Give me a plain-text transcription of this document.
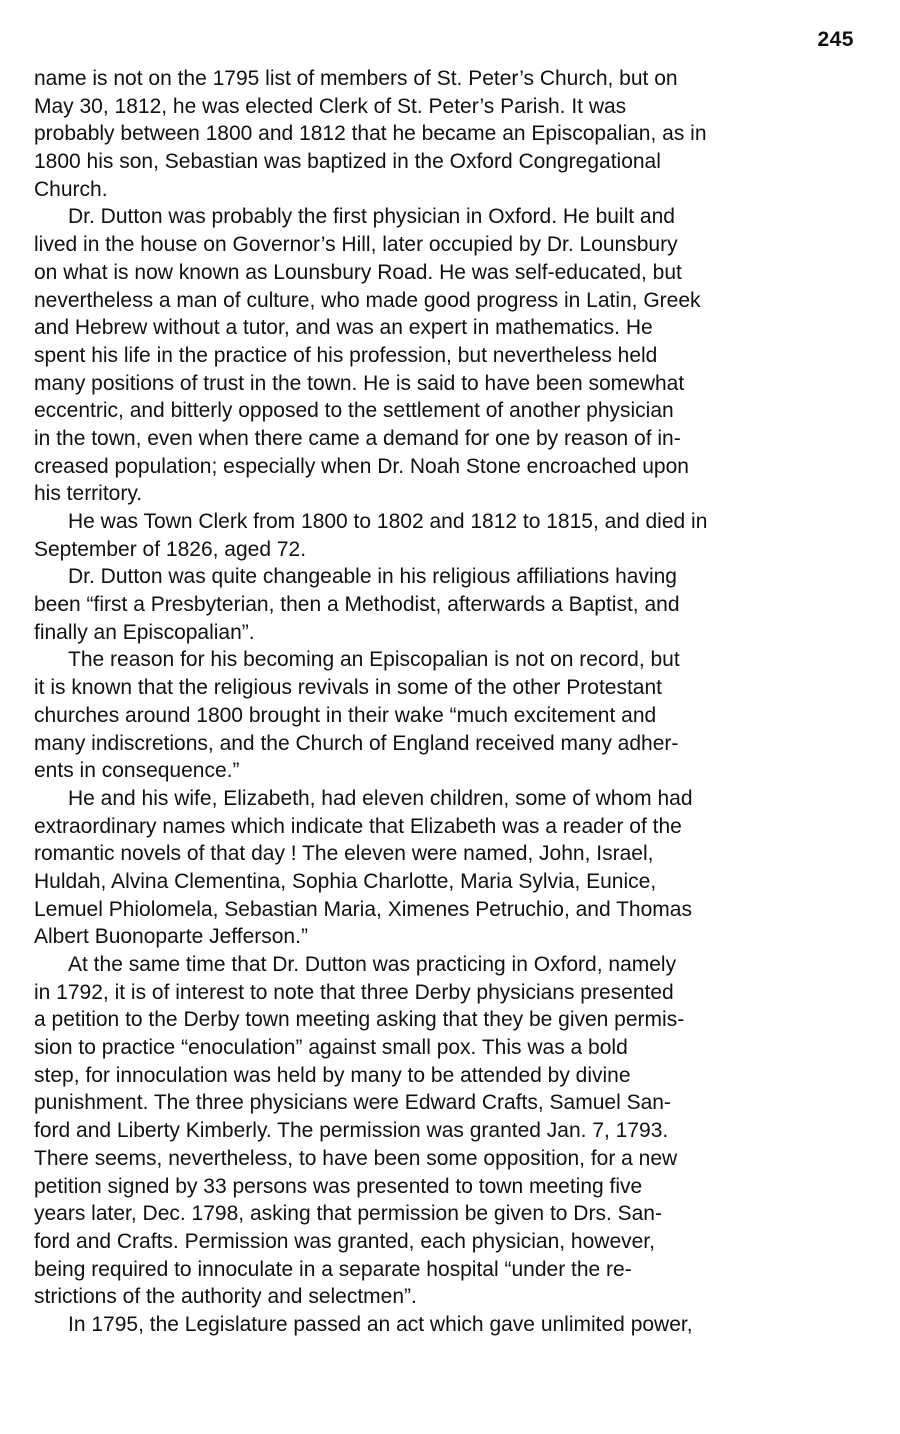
245
name is not on the 1795 list of members of St. Peter’s Church, but on
May 30, 1812, he was elected Clerk of St. Peter’s Parish. It was
probably between 1800 and 1812 that he became an Episcopalian, as in
1800 his son, Sebastian was baptized in the Oxford Congregational
Church.
Dr. Dutton was probably the first physician in Oxford. He built and
lived in the house on Governor’s Hill, later occupied by Dr. Lounsbury
on what is now known as Lounsbury Road. He was self-educated, but
nevertheless a man of culture, who made good progress in Latin, Greek
and Hebrew without a tutor, and was an expert in mathematics. He
spent his life in the practice of his profession, but nevertheless held
many positions of trust in the town. He is said to have been somewhat
eccentric, and bitterly opposed to the settlement of another physician
in the town, even when there came a demand for one by reason of in-
creased population; especially when Dr. Noah Stone encroached upon
his territory.
He was Town Clerk from 1800 to 1802 and 1812 to 1815, and died in
September of 1826, aged 72.
Dr. Dutton was quite changeable in his religious affiliations having
been “first a Presbyterian, then a Methodist, afterwards a Baptist, and
finally an Episcopalian”.
The reason for his becoming an Episcopalian is not on record, but
it is known that the religious revivals in some of the other Protestant
churches around 1800 brought in their wake “much excitement and
many indiscretions, and the Church of England received many adher-
ents in consequence.”
He and his wife, Elizabeth, had eleven children, some of whom had
extraordinary names which indicate that Elizabeth was a reader of the
romantic novels of that day ! The eleven were named, John, Israel,
Huldah, Alvina Clementina, Sophia Charlotte, Maria Sylvia, Eunice,
Lemuel Phiolomela, Sebastian Maria, Ximenes Petruchio, and Thomas
Albert Buonoparte Jefferson.”
At the same time that Dr. Dutton was practicing in Oxford, namely
in 1792, it is of interest to note that three Derby physicians presented
a petition to the Derby town meeting asking that they be given permis-
sion to practice “enoculation” against small pox. This was a bold
step, for innoculation was held by many to be attended by divine
punishment. The three physicians were Edward Crafts, Samuel San-
ford and Liberty Kimberly. The permission was granted Jan. 7, 1793.
There seems, nevertheless, to have been some opposition, for a new
petition signed by 33 persons was presented to town meeting five
years later, Dec. 1798, asking that permission be given to Drs. San-
ford and Crafts. Permission was granted, each physician, however,
being required to innoculate in a separate hospital “under the re-
strictions of the authority and selectmen”.
In 1795, the Legislature passed an act which gave unlimited power,
